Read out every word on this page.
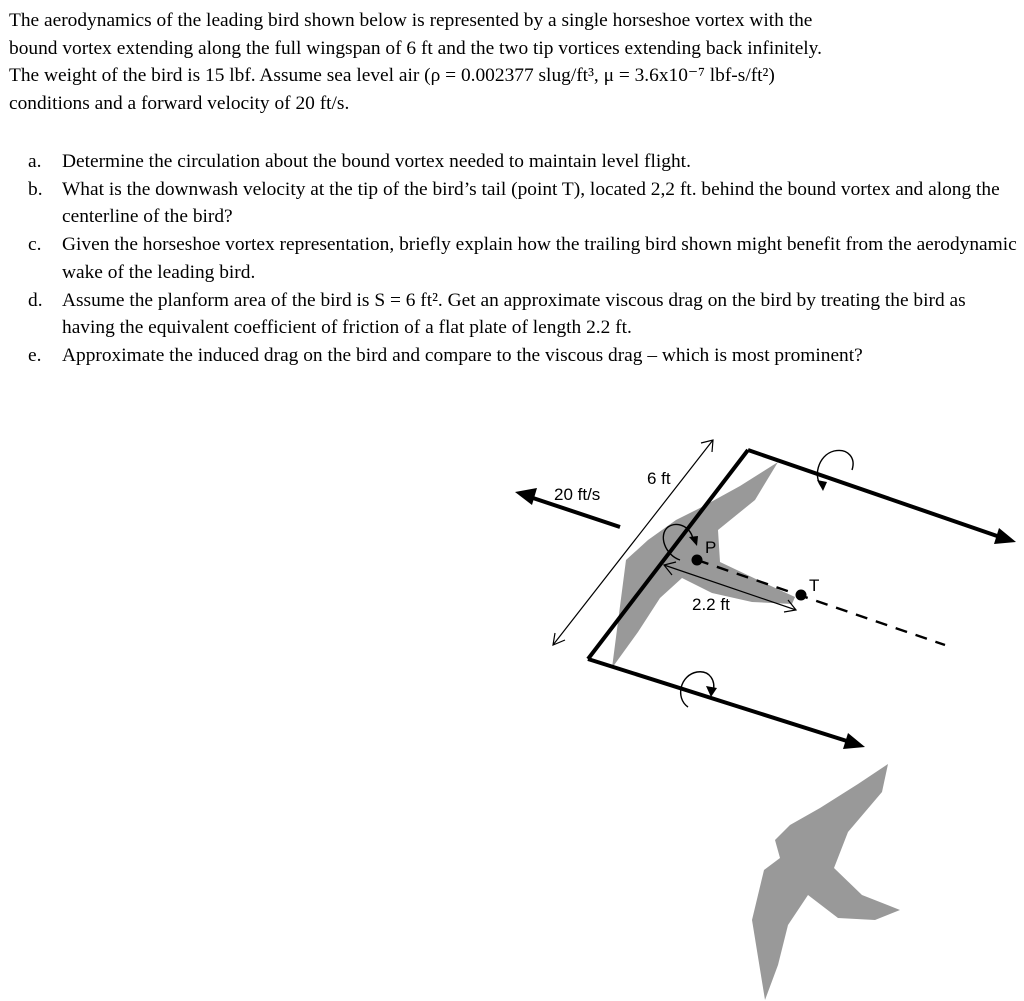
The aerodynamics of the leading bird shown below is represented by a single horseshoe vortex with the

bound vortex extending along the full wingspan of 6 ft and the two tip vortices extending back infinitely.

The weight of the bird is 15 lbf. Assume sea level air (ρ = 0.002377 slug/ft³, μ = 3.6x10⁻⁷ lbf-s/ft²)

conditions and a forward velocity of 20 ft/s.

a.	Determine the circulation about the bound vortex needed to maintain level flight.
b.	What is the downwash velocity at the tip of the bird’s tail (point T), located 2,2 ft. behind the bound vortex and along the centerline of the bird?
c.	Given the horseshoe vortex representation, briefly explain how the trailing bird shown might benefit from the aerodynamic wake of the leading bird.
d.	Assume the planform area of the bird is S = 6 ft². Get an approximate viscous drag on the bird by treating the bird as having the equivalent coefficient of friction of a flat plate of length 2.2 ft.
e.	Approximate the induced drag on the bird and compare to the viscous drag – which is most prominent?
20 ft/s
6 ft
2.2 ft
P
T
